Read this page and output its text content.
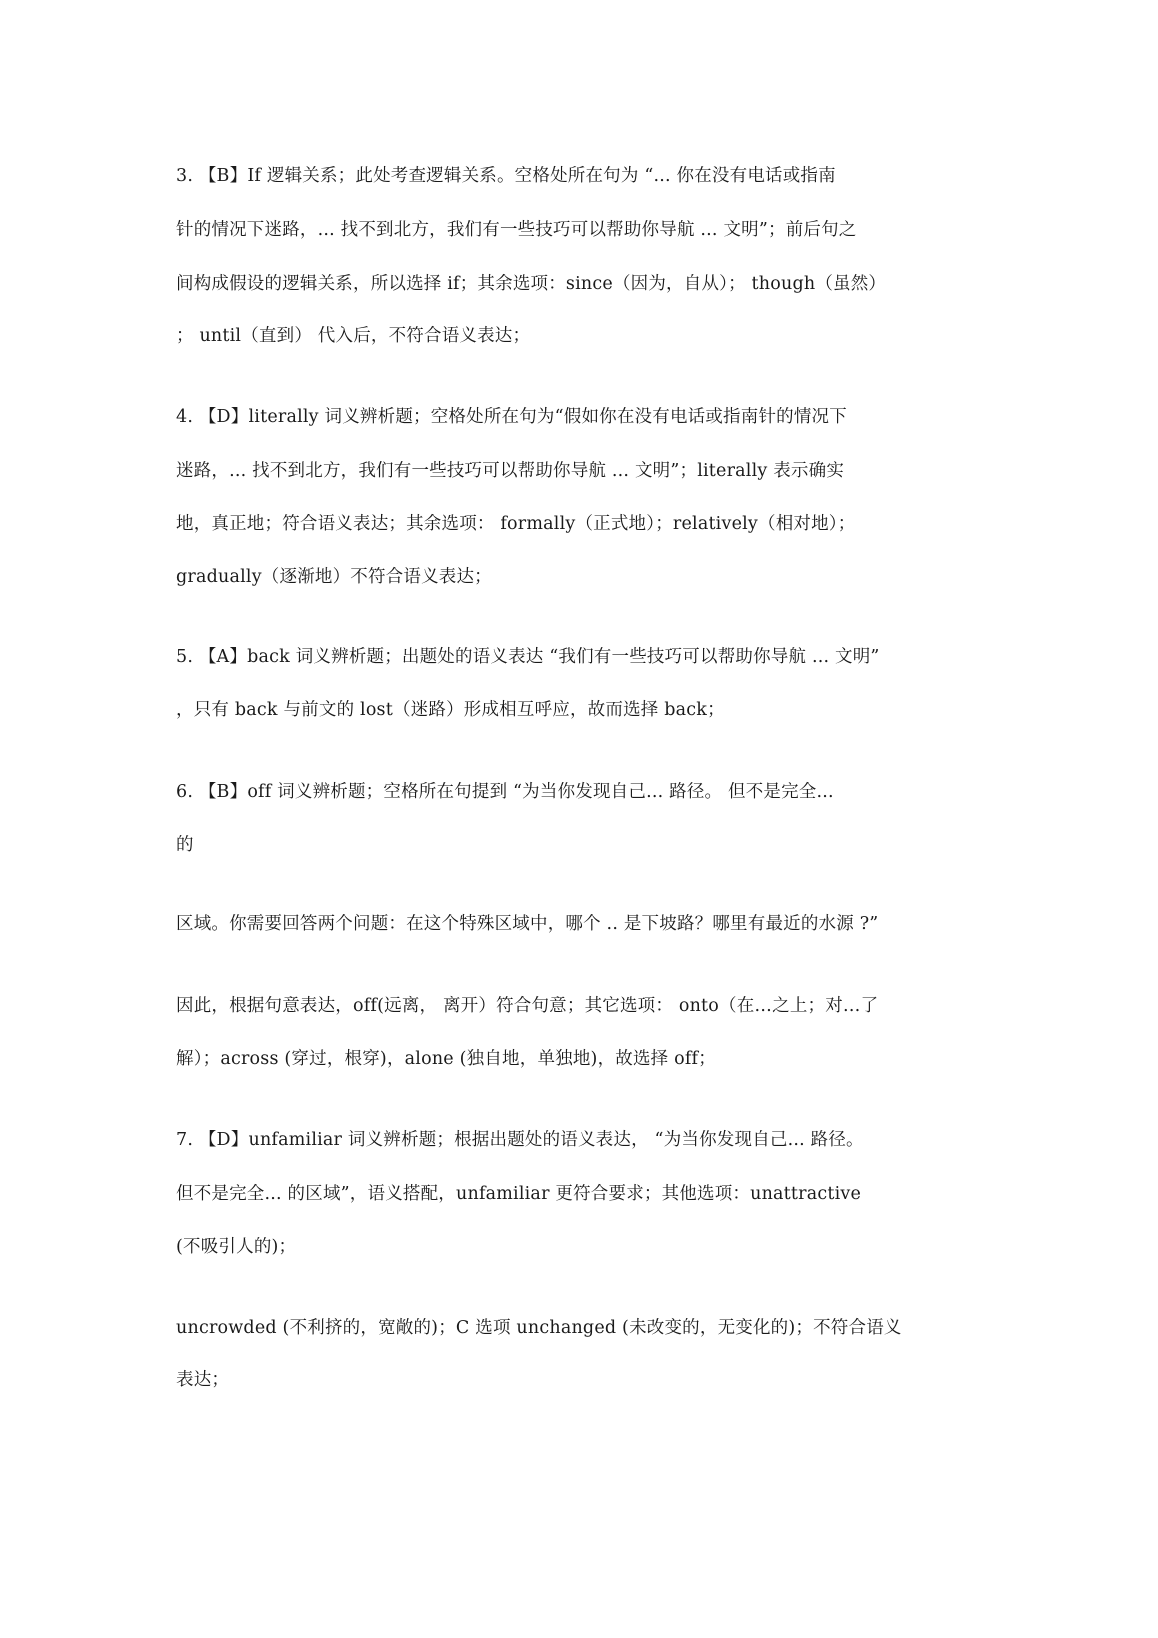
3. 【B】If 逻辑关系；此处考查逻辑关系。空格处所在句为 “... 你在没有电话或指南
针的情况下迷路，... 找不到北方，我们有一些技巧可以帮助你导航 ... 文明”；前后句之
间构成假设的逻辑关系，所以选择 if；其余选项：since（因为，自从）； though（虽然）
； until（直到） 代入后，不符合语义表达；
4. 【D】literally 词义辨析题；空格处所在句为“假如你在没有电话或指南针的情况下
迷路，... 找不到北方，我们有一些技巧可以帮助你导航 ... 文明”；literally 表示确实
地，真正地；符合语义表达；其余选项： formally（正式地）；relatively（相对地）；
gradually（逐渐地）不符合语义表达；
5. 【A】back 词义辨析题；出题处的语义表达 “我们有一些技巧可以帮助你导航 ... 文明”
，只有 back 与前文的 lost（迷路）形成相互呼应，故而选择 back；
6. 【B】off 词义辨析题；空格所在句提到 “为当你发现自己... 路径。 但不是完全...
的
区域。你需要回答两个问题：在这个特殊区域中，哪个 .. 是下坡路？哪里有最近的水源 ?”
因此，根据句意表达，off(远离， 离开）符合句意；其它选项： onto（在…之上；对…了
解）；across (穿过，根穿)，alone (独自地，单独地)，故选择 off；
7. 【D】unfamiliar 词义辨析题；根据出题处的语义表达， “为当你发现自己... 路径。
但不是完全... 的区域”，语义搭配，unfamiliar 更符合要求；其他选项：unattractive
(不吸引人的)；
uncrowded (不利挤的，宽敞的)；C 选项 unchanged (未改变的，无变化的)；不符合语义
表达；
